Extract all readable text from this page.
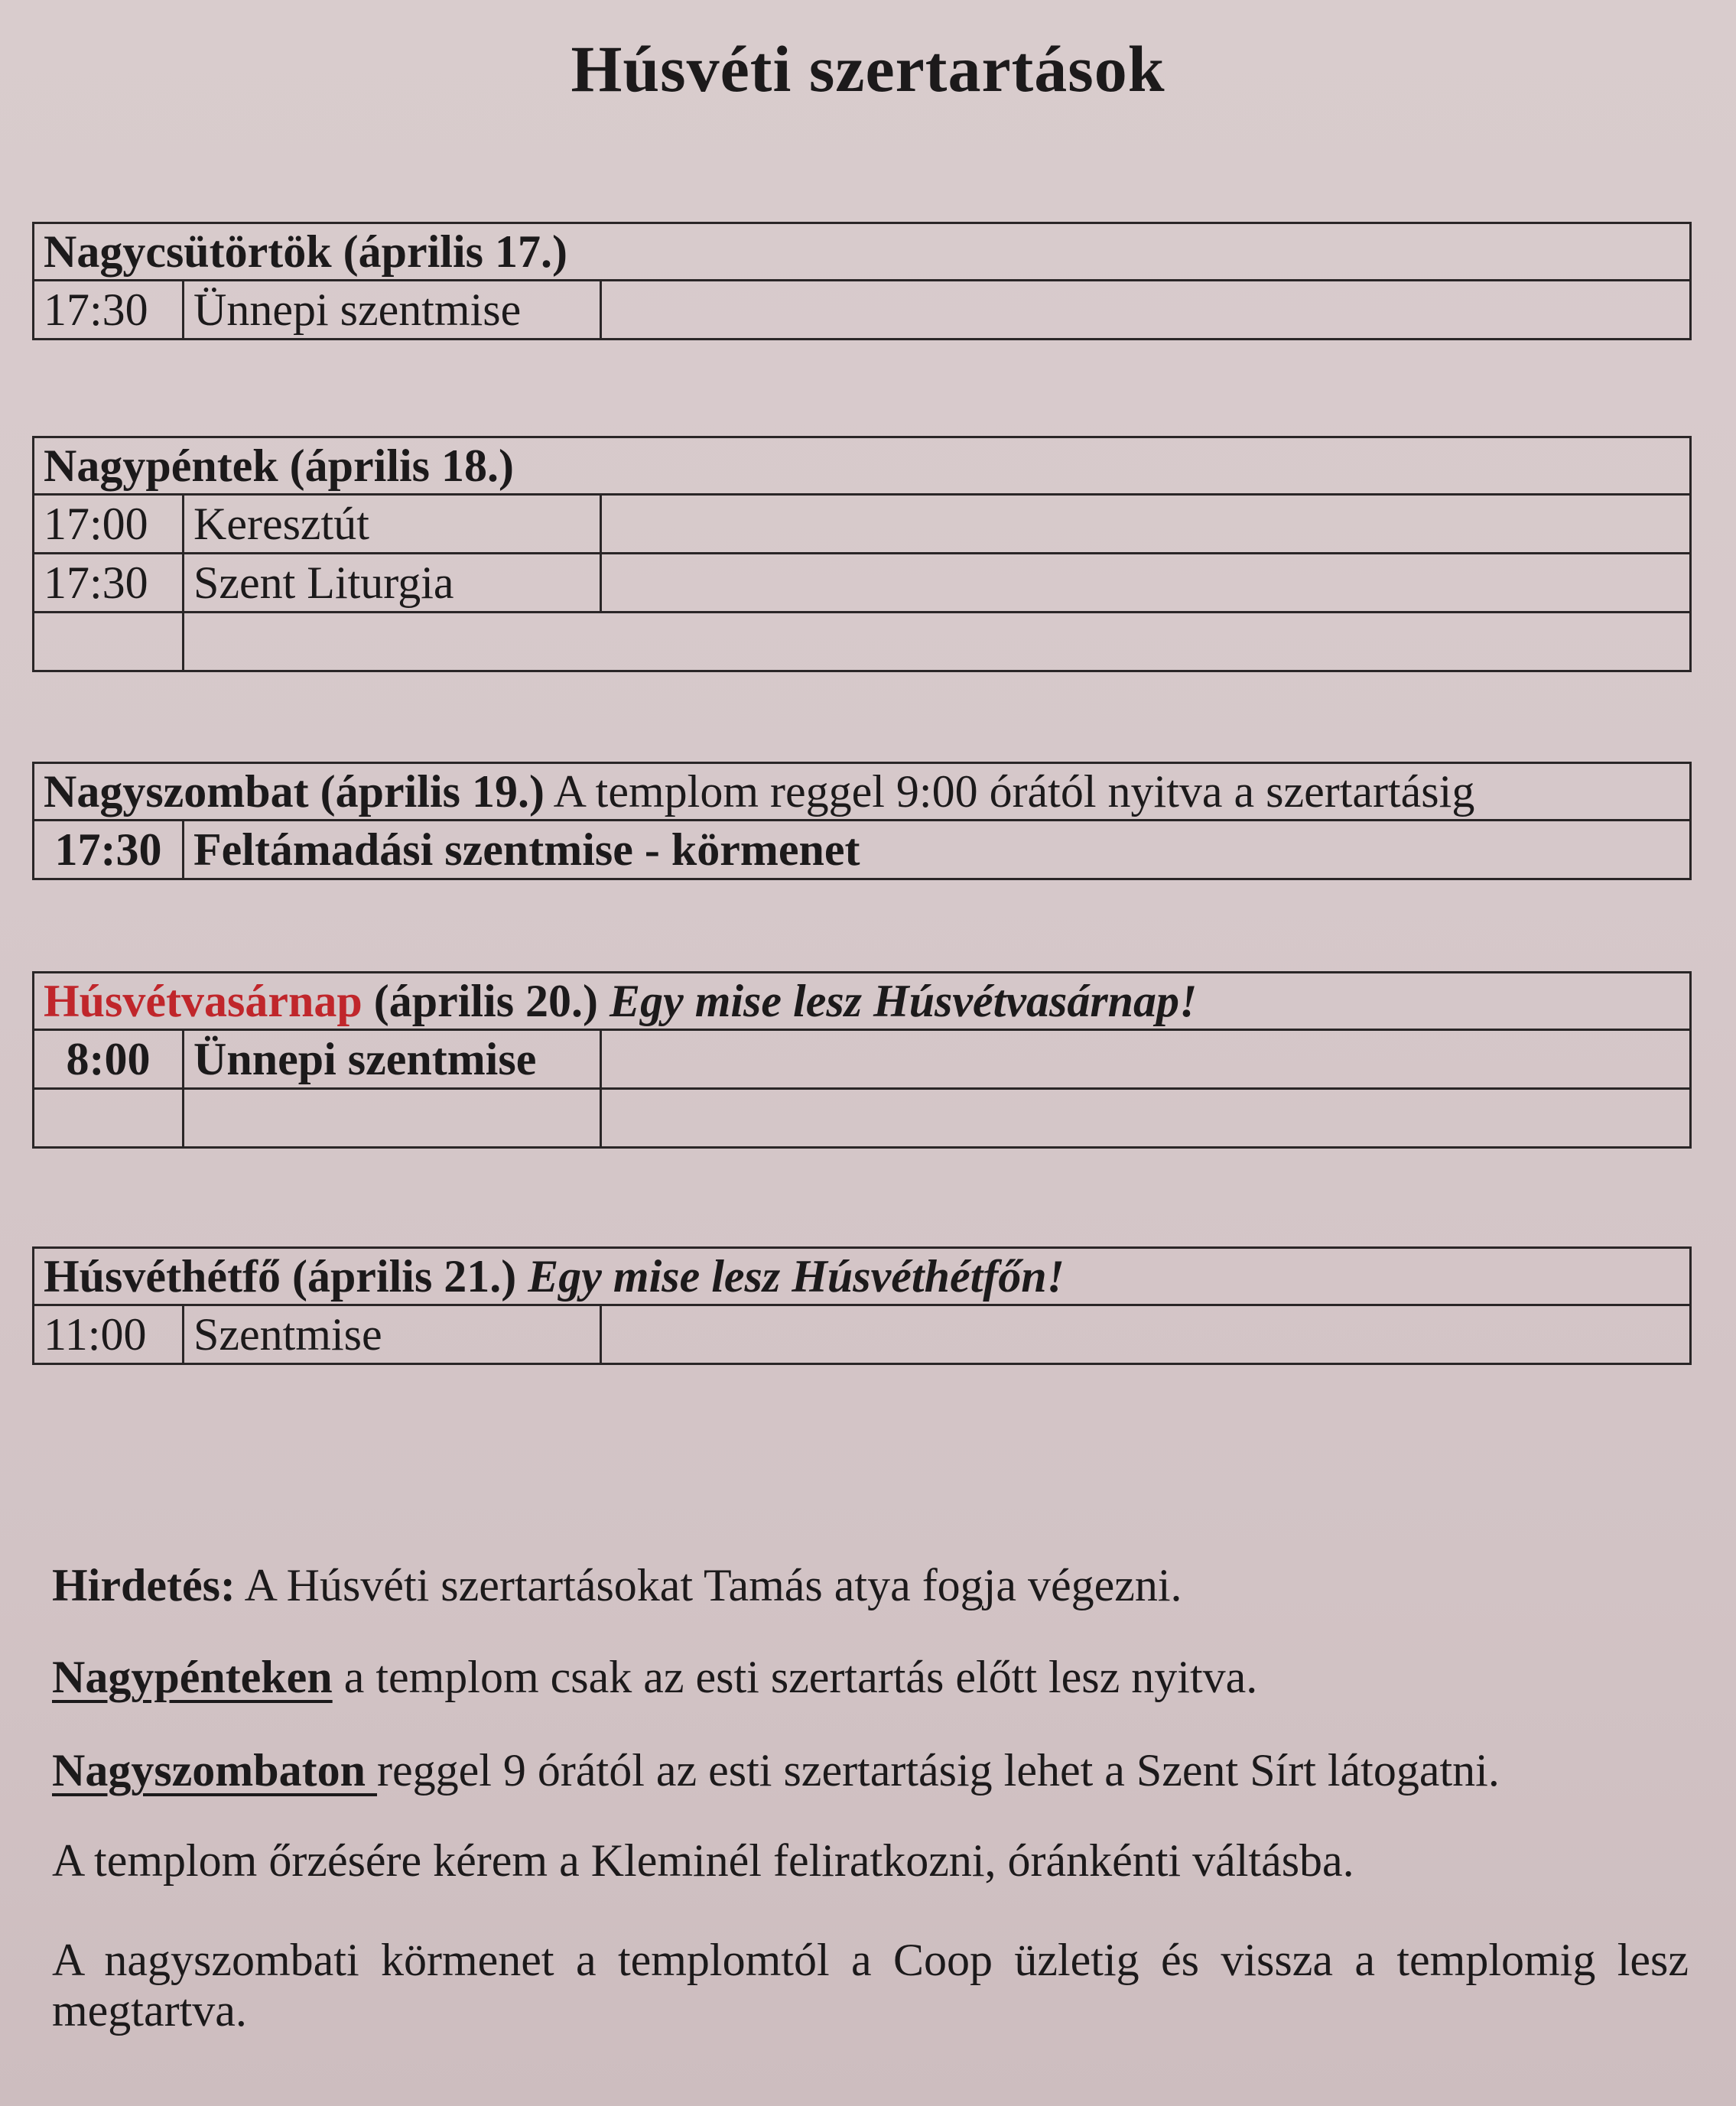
Húsvéti szertartások
Nagycsütörtök (április 17.)
17:30	Ünnepi szentmise	
Nagypéntek (április 18.)		
17:00	Keresztút	
17:30	Szent Liturgia	

Nagyszombat (április 19.) A templom reggel 9:00 órától nyitva a szertartásig
17:30	Feltámadási szentmise - körmenet
Húsvétvasárnap (április 20.) Egy mise lesz Húsvétvasárnap!		
8:00	Ünnepi szentmise	

Húsvéthétfő (április 21.) Egy mise lesz Húsvéthétfőn!
11:00	Szentmise	

Hirdetés: A Húsvéti szertartásokat Tamás atya fogja végezni.

Nagypénteken a templom csak az esti szertartás előtt lesz nyitva.

Nagyszombaton reggel 9 órától az esti szertartásig lehet a Szent Sírt látogatni.

A templom őrzésére kérem a Kleminél feliratkozni, óránkénti váltásba.

A nagyszombati körmenet a templomtól a Coop üzletig és vissza a templomig lesz megtartva.
